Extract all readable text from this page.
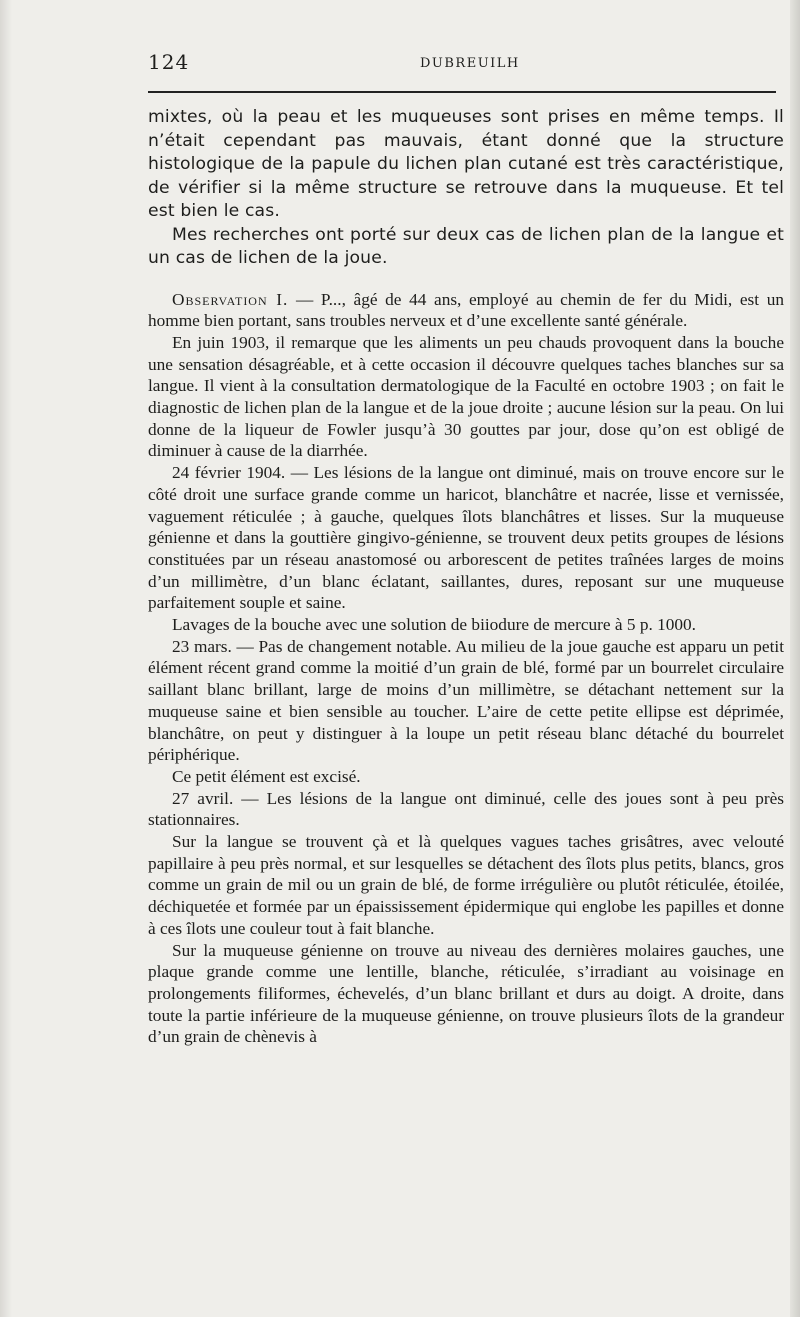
124	DUBREUILH

mixtes, où la peau et les muqueuses sont prises en même temps. Il n’était cependant pas mauvais, étant donné que la structure histologique de la papule du lichen plan cutané est très caractéristique, de vérifier si la même structure se retrouve dans la muqueuse. Et tel est bien le cas.

Mes recherches ont porté sur deux cas de lichen plan de la langue et un cas de lichen de la joue.

Observation I. — P..., âgé de 44 ans, employé au chemin de fer du Midi, est un homme bien portant, sans troubles nerveux et d’une excellente santé générale.

En juin 1903, il remarque que les aliments un peu chauds provoquent dans la bouche une sensation désagréable, et à cette occasion il découvre quelques taches blanches sur sa langue. Il vient à la consultation dermatologique de la Faculté en octobre 1903 ; on fait le diagnostic de lichen plan de la langue et de la joue droite ; aucune lésion sur la peau. On lui donne de la liqueur de Fowler jusqu’à 30 gouttes par jour, dose qu’on est obligé de diminuer à cause de la diarrhée.

24 février 1904. — Les lésions de la langue ont diminué, mais on trouve encore sur le côté droit une surface grande comme un haricot, blanchâtre et nacrée, lisse et vernissée, vaguement réticulée ; à gauche, quelques îlots blanchâtres et lisses. Sur la muqueuse génienne et dans la gouttière gingivo-génienne, se trouvent deux petits groupes de lésions constituées par un réseau anastomosé ou arborescent de petites traînées larges de moins d’un millimètre, d’un blanc éclatant, saillantes, dures, reposant sur une muqueuse parfaitement souple et saine.

Lavages de la bouche avec une solution de biiodure de mercure à 5 p. 1000.

23 mars. — Pas de changement notable. Au milieu de la joue gauche est apparu un petit élément récent grand comme la moitié d’un grain de blé, formé par un bourrelet circulaire saillant blanc brillant, large de moins d’un millimètre, se détachant nettement sur la muqueuse saine et bien sensible au toucher. L’aire de cette petite ellipse est déprimée, blanchâtre, on peut y distinguer à la loupe un petit réseau blanc détaché du bourrelet périphérique.

Ce petit élément est excisé.

27 avril. — Les lésions de la langue ont diminué, celle des joues sont à peu près stationnaires.

Sur la langue se trouvent çà et là quelques vagues taches grisâtres, avec velouté papillaire à peu près normal, et sur lesquelles se détachent des îlots plus petits, blancs, gros comme un grain de mil ou un grain de blé, de forme irrégulière ou plutôt réticulée, étoilée, déchiquetée et formée par un épaississement épidermique qui englobe les papilles et donne à ces îlots une couleur tout à fait blanche.

Sur la muqueuse génienne on trouve au niveau des dernières molaires gauches, une plaque grande comme une lentille, blanche, réticulée, s’irradiant au voisinage en prolongements filiformes, échevelés, d’un blanc brillant et durs au doigt. A droite, dans toute la partie inférieure de la muqueuse génienne, on trouve plusieurs îlots de la grandeur d’un grain de chènevis à
